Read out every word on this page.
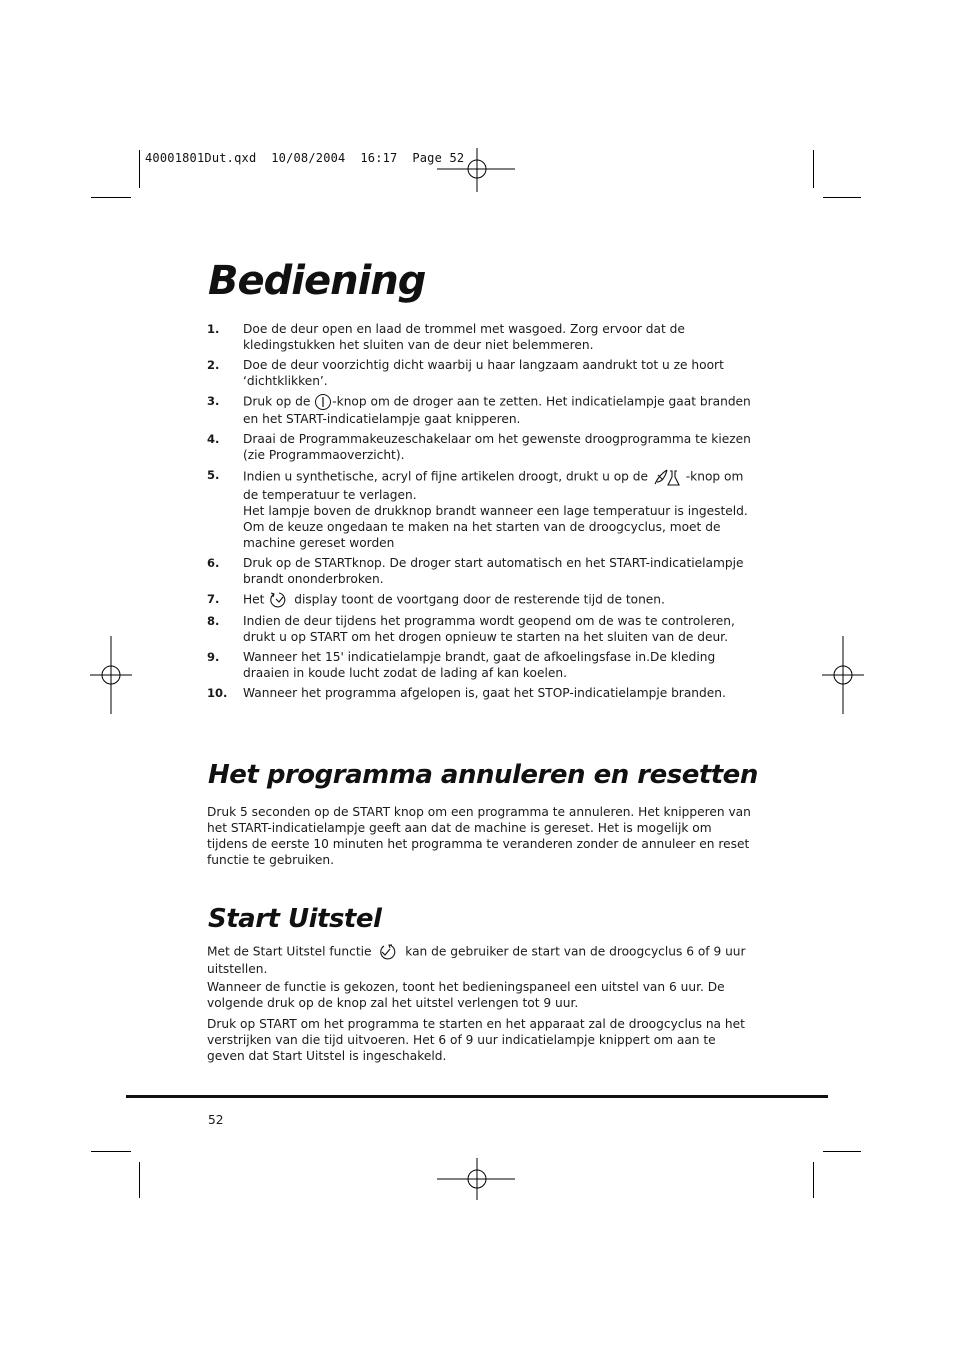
40001801Dut.qxd 10/08/2004 16:17 Page 52
Bediening
1.	Doe de deur open en laad de trommel met wasgoed. Zorg ervoor dat de kledingstukken het sluiten van de deur niet belemmeren.
2.	Doe de deur voorzichtig dicht waarbij u haar langzaam aandrukt tot u ze hoort ‘dichtklikken’.
3.	Druk op de -knop om de droger aan te zetten. Het indicatielampje gaat branden en het START-indicatielampje gaat knipperen.
4.	Draai de Programmakeuzeschakelaar om het gewenste droogprogramma te kiezen (zie Programmaoverzicht).
5.	Indien u synthetische, acryl of fijne artikelen droogt, drukt u op de	-knop om de temperatuur te verlagen.
Het lampje boven de drukknop brandt wanneer een lage temperatuur is ingesteld.
Om de keuze ongedaan te maken na het starten van de droogcyclus, moet de machine gereset worden
6.	Druk op de STARTknop. De droger start automatisch en het START-indicatielampje brandt ononderbroken.
7.	Het display toont de voortgang door de resterende tijd de tonen.
8.	Indien de deur tijdens het programma wordt geopend om de was te controleren, drukt u op START om het drogen opnieuw te starten na het sluiten van de deur.
9.	Wanneer het 15' indicatielampje brandt, gaat de afkoelingsfase in.De kleding draaien in koude lucht zodat de lading af kan koelen.
10.	Wanneer het programma afgelopen is, gaat het STOP-indicatielampje branden.
Het programma annuleren en resetten

Druk 5 seconden op de START knop om een programma te annuleren. Het knipperen van het START-indicatielampje geeft aan dat de machine is gereset. Het is mogelijk om tijdens de eerste 10 minuten het programma te veranderen zonder de annuleer en reset functie te gebruiken.

Start Uitstel

Met de Start Uitstel functie	kan de gebruiker de start van de droogcyclus 6 of 9 uur uitstellen.

Wanneer de functie is gekozen, toont het bedieningspaneel een uitstel van 6 uur. De volgende druk op de knop zal het uitstel verlengen tot 9 uur.

Druk op START om het programma te starten en het apparaat zal de droogcyclus na het verstrijken van die tijd uitvoeren. Het 6 of 9 uur indicatielampje knippert om aan te geven dat Start Uitstel is ingeschakeld.

52
